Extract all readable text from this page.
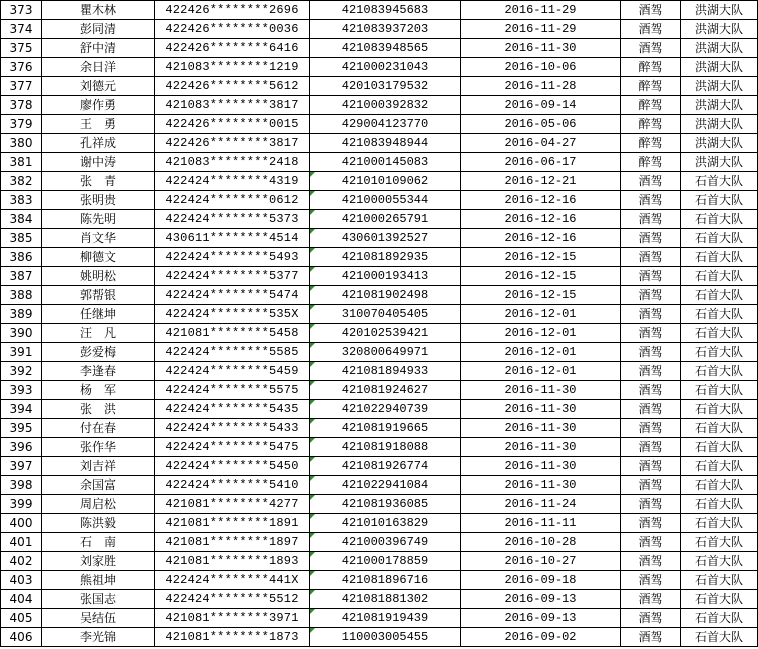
373	瞿木林	422426********2696	421083945683	2016-11-29	酒驾	洪湖大队
374	彭同清	422426********0036	421083937203	2016-11-29	酒驾	洪湖大队
375	舒中清	422426********6416	421083948565	2016-11-30	酒驾	洪湖大队
376	余日洋	421083********1219	421000231043	2016-10-06	醉驾	洪湖大队
377	刘德元	422426********5612	420103179532	2016-11-28	醉驾	洪湖大队
378	廖作勇	421083********3817	421000392832	2016-09-14	醉驾	洪湖大队
379	王　勇	422426********0015	429004123770	2016-05-06	醉驾	洪湖大队
380	孔祥成	422426********3817	421083948944	2016-04-27	醉驾	洪湖大队
381	谢中涛	421083********2418	421000145083	2016-06-17	醉驾	洪湖大队
382	张　青	422424********4319	421010109062	2016-12-21	酒驾	石首大队
383	张明贵	422424********0612	421000055344	2016-12-16	酒驾	石首大队
384	陈先明	422424********5373	421000265791	2016-12-16	酒驾	石首大队
385	肖文华	430611********4514	430601392527	2016-12-16	酒驾	石首大队
386	柳德文	422424********5493	421081892935	2016-12-15	酒驾	石首大队
387	姚明松	422424********5377	421000193413	2016-12-15	酒驾	石首大队
388	郭帮银	422424********5474	421081902498	2016-12-15	酒驾	石首大队
389	任继坤	422424********535X	310070405405	2016-12-01	酒驾	石首大队
390	汪　凡	421081********5458	420102539421	2016-12-01	酒驾	石首大队
391	彭爱梅	422424********5585	320800649971	2016-12-01	酒驾	石首大队
392	李逢春	422424********5459	421081894933	2016-12-01	酒驾	石首大队
393	杨　军	422424********5575	421081924627	2016-11-30	酒驾	石首大队
394	张　洪	422424********5435	421022940739	2016-11-30	酒驾	石首大队
395	付在春	422424********5433	421081919665	2016-11-30	酒驾	石首大队
396	张作华	422424********5475	421081918088	2016-11-30	酒驾	石首大队
397	刘吉祥	422424********5450	421081926774	2016-11-30	酒驾	石首大队
398	余国富	422424********5410	421022941084	2016-11-30	酒驾	石首大队
399	周启松	421081********4277	421081936085	2016-11-24	酒驾	石首大队
400	陈洪毅	421081********1891	421010163829	2016-11-11	酒驾	石首大队
401	石　南	421081********1897	421000396749	2016-10-28	酒驾	石首大队
402	刘家胜	421081********1893	421000178859	2016-10-27	酒驾	石首大队
403	熊祖坤	422424********441X	421081896716	2016-09-18	酒驾	石首大队
404	张国志	422424********5512	421081881302	2016-09-13	酒驾	石首大队
405	吴结伍	421081********3971	421081919439	2016-09-13	酒驾	石首大队
406	李光锦	421081********1873	110003005455	2016-09-02	酒驾	石首大队
